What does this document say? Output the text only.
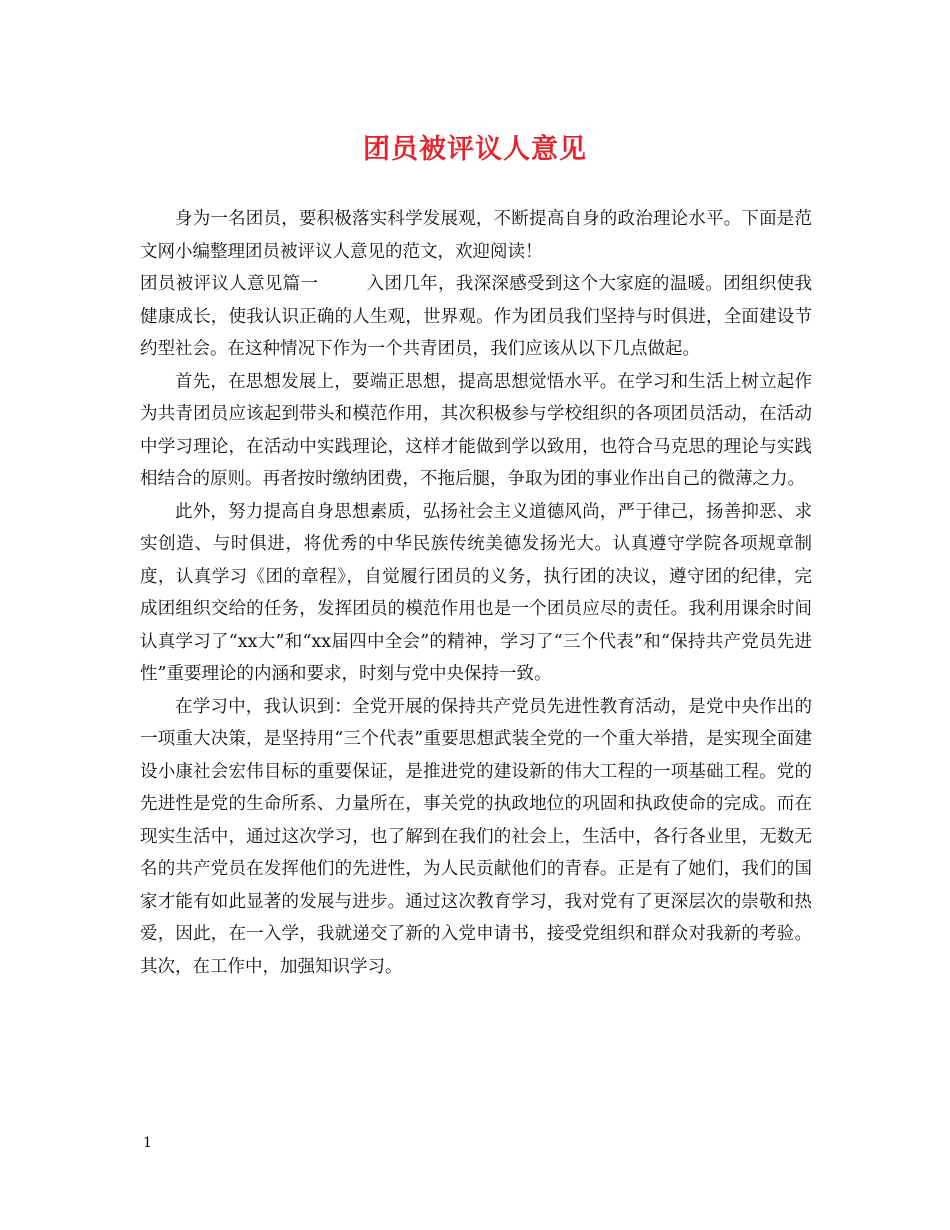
团员被评议人意见

身为一名团员，要积极落实科学发展观，不断提高自身的政治理论水平。下面是范文网小编整理团员被评议人意见的范文，欢迎阅读！

团员被评议人意见篇一	入团几年，我深深感受到这个大家庭的温暖。团组织使我健康成长，使我认识正确的人生观，世界观。作为团员我们坚持与时俱进，全面建设节约型社会。在这种情况下作为一个共青团员，我们应该从以下几点做起。

首先，在思想发展上，要端正思想，提高思想觉悟水平。在学习和生活上树立起作为共青团员应该起到带头和模范作用，其次积极参与学校组织的各项团员活动，在活动中学习理论，在活动中实践理论，这样才能做到学以致用，也符合马克思的理论与实践相结合的原则。再者按时缴纳团费，不拖后腿，争取为团的事业作出自己的微薄之力。

此外，努力提高自身思想素质，弘扬社会主义道德风尚，严于律己，扬善抑恶、求实创造、与时俱进，将优秀的中华民族传统美德发扬光大。认真遵守学院各项规章制度，认真学习《团的章程》，自觉履行团员的义务，执行团的决议，遵守团的纪律，完成团组织交给的任务，发挥团员的模范作用也是一个团员应尽的责任。我利用课余时间认真学习了“xx大”和“xx届四中全会”的精神，学习了“三个代表”和“保持共产党员先进性”重要理论的内涵和要求，时刻与党中央保持一致。

在学习中，我认识到：全党开展的保持共产党员先进性教育活动，是党中央作出的一项重大决策，是坚持用“三个代表”重要思想武装全党的一个重大举措，是实现全面建设小康社会宏伟目标的重要保证，是推进党的建设新的伟大工程的一项基础工程。党的先进性是党的生命所系、力量所在，事关党的执政地位的巩固和执政使命的完成。而在现实生活中，通过这次学习，也了解到在我们的社会上，生活中，各行各业里，无数无名的共产党员在发挥他们的先进性，为人民贡献他们的青春。正是有了她们，我们的国家才能有如此显著的发展与进步。通过这次教育学习，我对党有了更深层次的崇敬和热爱，因此，在一入学，我就递交了新的入党申请书，接受党组织和群众对我新的考验。其次，在工作中，加强知识学习。

1
